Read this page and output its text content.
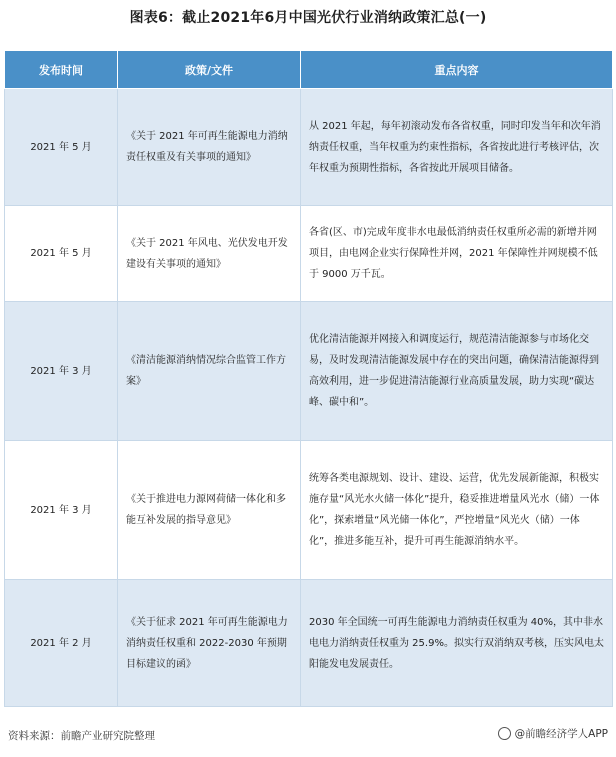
图表6：截止2021年6月中国光伏行业消纳政策汇总(一)
发布时间	政策/文件	重点内容
2021 年 5 月	《关于 2021 年可再生能源电力消纳责任权重及有关事项的通知》	从 2021 年起，每年初滚动发布各省权重，同时印发当年和次年消纳责任权重，当年权重为约束性指标，各省按此进行考核评估，次年权重为预期性指标，各省按此开展项目储备。
2021 年 5 月	《关于 2021 年风电、光伏发电开发建设有关事项的通知》	各省(区、市)完成年度非水电最低消纳责任权重所必需的新增并网项目，由电网企业实行保障性并网，2021 年保障性并网规模不低于 9000 万千瓦。
2021 年 3 月	《清洁能源消纳情况综合监管工作方案》	优化清洁能源并网接入和调度运行，规范清洁能源参与市场化交易，及时发现清洁能源发展中存在的突出问题，确保清洁能源得到高效利用，进一步促进清洁能源行业高质量发展，助力实现“碳达峰、碳中和”。
2021 年 3 月	《关于推进电力源网荷储一体化和多能互补发展的指导意见》	统筹各类电源规划、设计、建设、运营，优先发展新能源，积极实施存量“风光水火储一体化”提升，稳妥推进增量风光水（储）一体化”，探索增量“风光储一体化”，严控增量“风光火（储）一体化”，推进多能互补，提升可再生能源消纳水平。
2021 年 2 月	《关于征求 2021 年可再生能源电力消纳责任权重和 2022-2030 年预期目标建议的函》	2030 年全国统一可再生能源电力消纳责任权重为 40%，其中非水电电力消纳责任权重为 25.9%。拟实行双消纳双考核，压实风电太阳能发电发展责任。
资料来源：前瞻产业研究院整理	@前瞻经济学人APP
